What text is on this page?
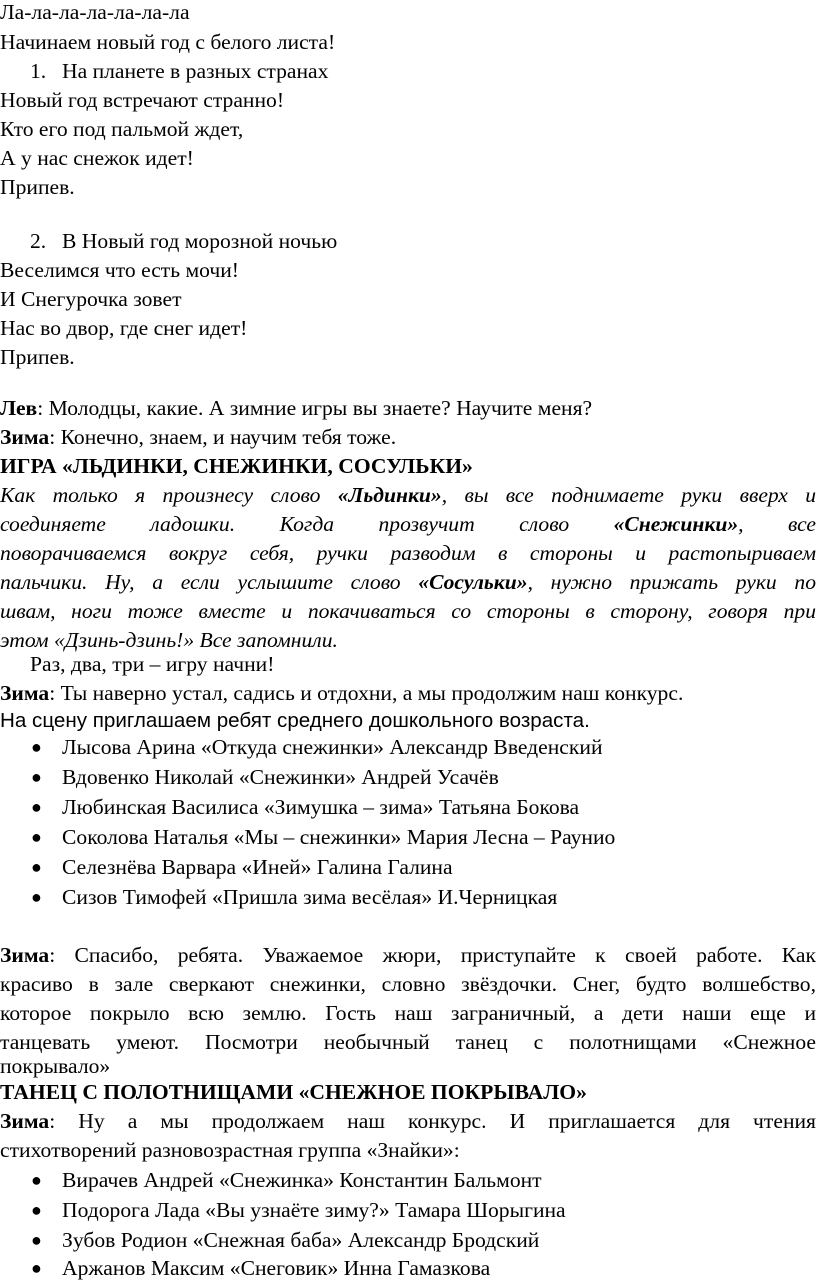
Ла-ла-ла-ла-ла-ла-ла
Начинаем новый год с белого листа!
1. На планете в разных странах
Новый год встречают странно!
Кто его под пальмой ждет,
А у нас снежок идет!
Припев.
2. В Новый год морозной ночью
Веселимся что есть мочи!
И Снегурочка зовет
Нас во двор, где снег идет!
Припев.
Лев: Молодцы, какие. А зимние игры вы знаете? Научите меня?
Зима: Конечно, знаем, и научим тебя тоже.
ИГРА «ЛЬДИНКИ, СНЕЖИНКИ, СОСУЛЬКИ»
Как только я произнесу слово «Льдинки», вы все поднимаете руки вверх и
соединяете ладошки. Когда прозвучит слово «Снежинки», все
поворачиваемся вокруг себя, ручки разводим в стороны и растопыриваем
пальчики. Ну, а если услышите слово «Сосульки», нужно прижать руки по
швам, ноги тоже вместе и покачиваться со стороны в сторону, говоря при
этом «Дзинь-дзинь!» Все запомнили.
Раз, два, три – игру начни!
Зима: Ты наверно устал, садись и отдохни, а мы продолжим наш конкурс.
На сцену приглашаем ребят среднего дошкольного возраста.
● Лысова Арина «Откуда снежинки» Александр Введенский
● Вдовенко Николай «Снежинки» Андрей Усачёв
● Любинская Василиса «Зимушка – зима» Татьяна Бокова
● Соколова Наталья «Мы – снежинки» Мария Лесна – Раунио
● Селезнёва Варвара «Иней» Галина Галина
● Сизов Тимофей «Пришла зима весёлая» И.Черницкая
Зима: Спасибо, ребята. Уважаемое жюри, приступайте к своей работе. Как
красиво в зале сверкают снежинки, словно звёздочки. Снег, будто волшебство,
которое покрыло всю землю. Гость наш заграничный, а дети наши еще и
танцевать умеют. Посмотри необычный танец с полотнищами «Снежное
покрывало»
ТАНЕЦ С ПОЛОТНИЩАМИ «СНЕЖНОЕ ПОКРЫВАЛО»
Зима: Ну а мы продолжаем наш конкурс. И приглашается для чтения
стихотворений разновозрастная группа «Знайки»:
● Вирачев Андрей «Снежинка» Константин Бальмонт
● Подорога Лада «Вы узнаёте зиму?» Тамара Шорыгина
● Зубов Родион «Снежная баба» Александр Бродский
● Аржанов Максим «Снеговик» Инна Гамазкова
